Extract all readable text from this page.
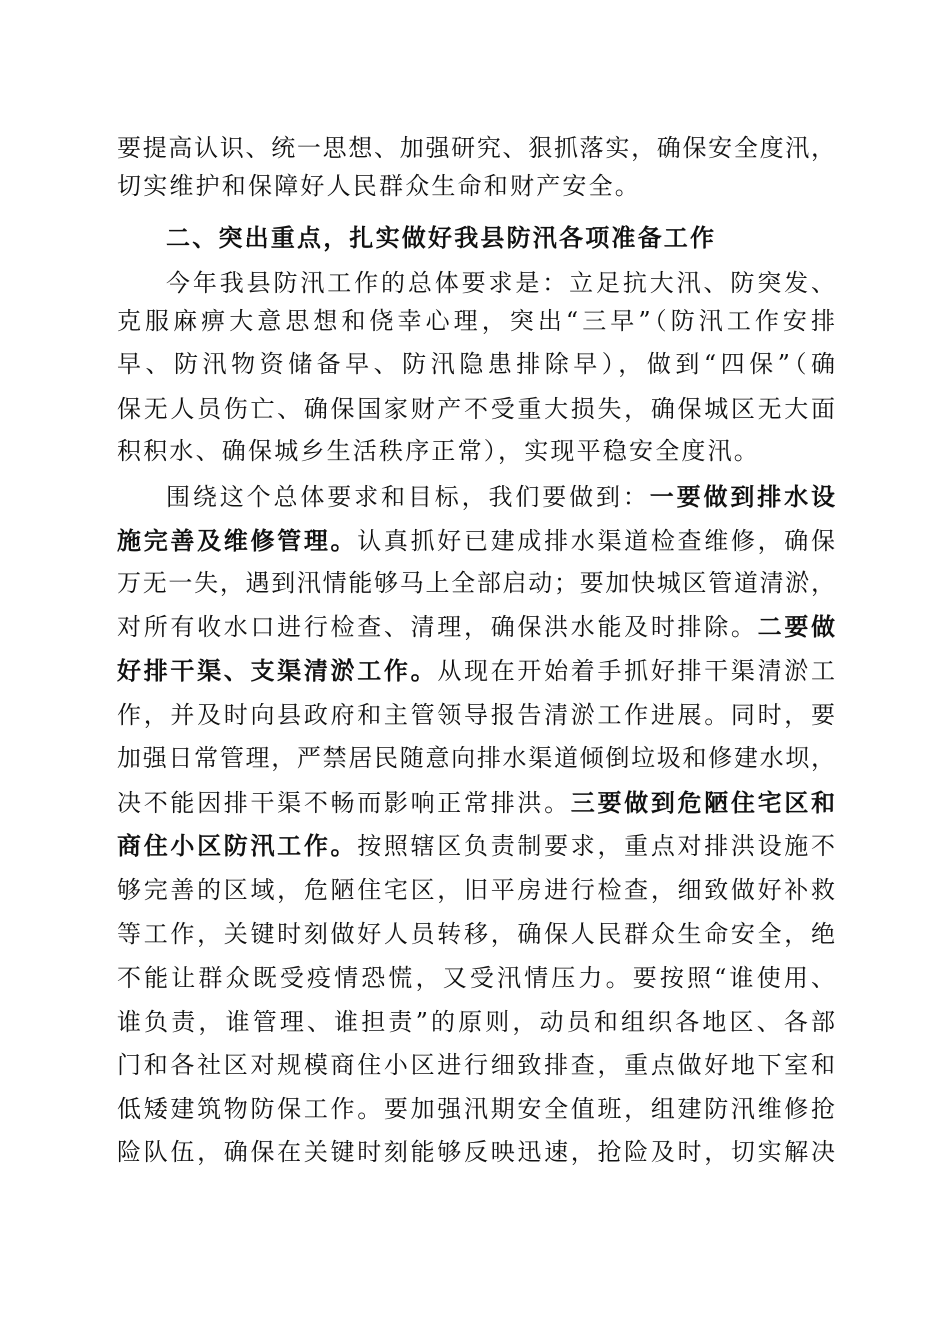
要提高认识、统一思想、加强研究、狠抓落实，确保安全度汛，
切实维护和保障好人民群众生命和财产安全。
二、突出重点，扎实做好我县防汛各项准备工作
今年我县防汛工作的总体要求是：立足抗大汛、防突发、
克服麻痹大意思想和侥幸心理，突出“三早”（防汛工作安排
早、防汛物资储备早、防汛隐患排除早），做到“四保”（确
保无人员伤亡、确保国家财产不受重大损失，确保城区无大面
积积水、确保城乡生活秩序正常），实现平稳安全度汛。
围绕这个总体要求和目标，我们要做到：一要做到排水设
施完善及维修管理。认真抓好已建成排水渠道检查维修，确保
万无一失，遇到汛情能够马上全部启动；要加快城区管道清淤，
对所有收水口进行检查、清理，确保洪水能及时排除。二要做
好排干渠、支渠清淤工作。从现在开始着手抓好排干渠清淤工
作，并及时向县政府和主管领导报告清淤工作进展。同时，要
加强日常管理，严禁居民随意向排水渠道倾倒垃圾和修建水坝，
决不能因排干渠不畅而影响正常排洪。三要做到危陋住宅区和
商住小区防汛工作。按照辖区负责制要求，重点对排洪设施不
够完善的区域，危陋住宅区，旧平房进行检查，细致做好补救
等工作，关键时刻做好人员转移，确保人民群众生命安全，绝
不能让群众既受疫情恐慌，又受汛情压力。要按照“谁使用、
谁负责，谁管理、谁担责”的原则，动员和组织各地区、各部
门和各社区对规模商住小区进行细致排查，重点做好地下室和
低矮建筑物防保工作。要加强汛期安全值班，组建防汛维修抢
险队伍，确保在关键时刻能够反映迅速，抢险及时，切实解决
